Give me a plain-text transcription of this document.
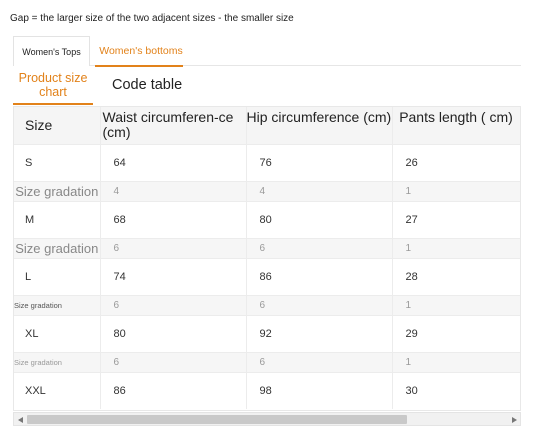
Gap = the larger size of the two adjacent sizes - the smaller size
Women's Tops	Women's bottoms
Product size chart	Code table
Size	Waist circumferen-ce (cm)	Hip circumference (cm)	Pants length ( cm)
S	64	76	26
Size gradation	4	4	1
M	68	80	27
Size gradation	6	6	1
L	74	86	28
Size gradation	6	6	1
XL	80	92	29
Size gradation	6	6	1
XXL	86	98	30
